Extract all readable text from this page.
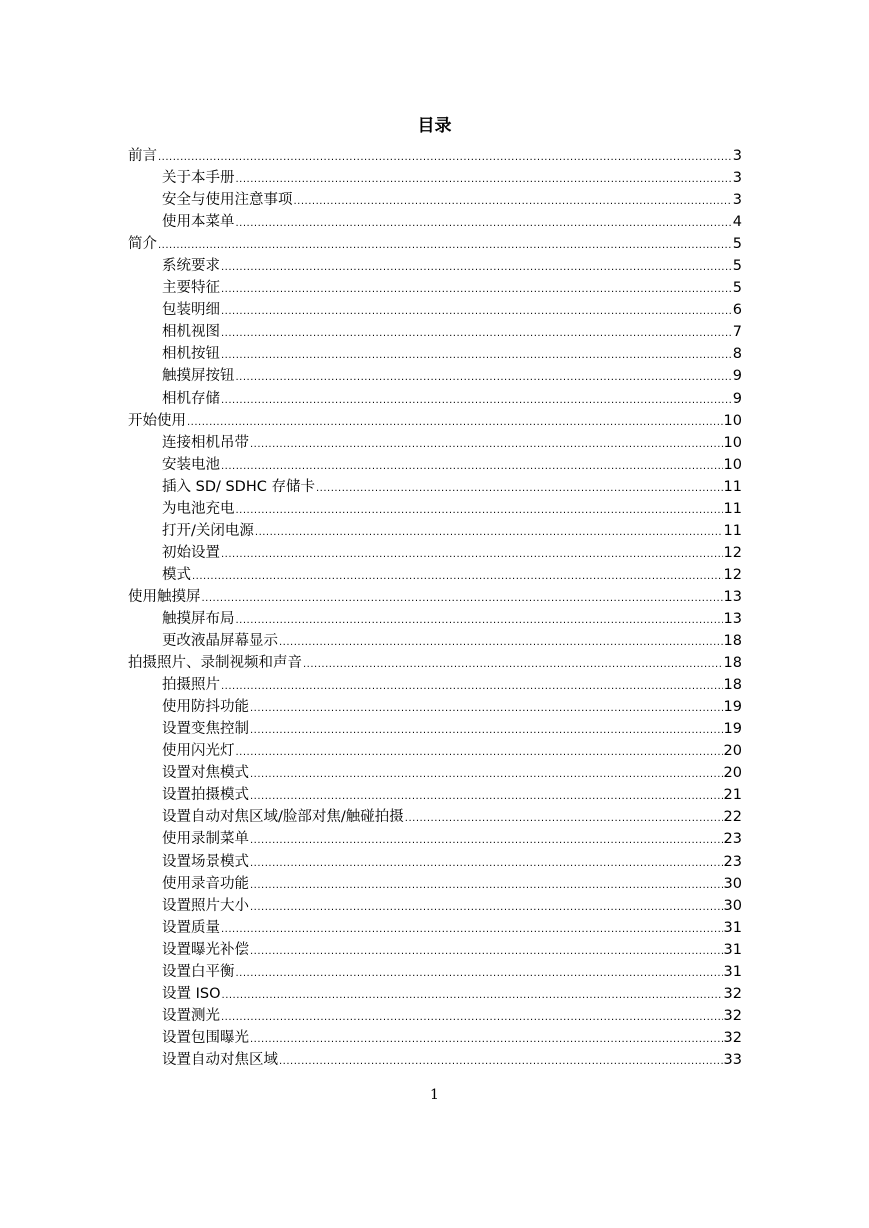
目录
前言 .....	3
关于本手册 .....	3
安全与使用注意事项 .....	3
使用本菜单 .....	4
简介 .....	5
系统要求 .....	5
主要特征 .....	5
包装明细 .....	6
相机视图 .....	7
相机按钮 .....	8
触摸屏按钮 .....	9
相机存储 .....	9
开始使用 .....	10
连接相机吊带 .....	10
安装电池 .....	10
插入 SD/ SDHC 存储卡 .....	11
为电池充电 .....	11
打开/关闭电源 .....	11
初始设置 .....	12
模式 .....	12
使用触摸屏 .....	13
触摸屏布局 .....	13
更改液晶屏幕显示 .....	18
拍摄照片、录制视频和声音 .....	18
拍摄照片 .....	18
使用防抖功能 .....	19
设置变焦控制 .....	19
使用闪光灯 .....	20
设置对焦模式 .....	20
设置拍摄模式 .....	21
设置自动对焦区域/脸部对焦/触碰拍摄 .....	22
使用录制菜单 .....	23
设置场景模式 .....	23
使用录音功能 .....	30
设置照片大小 .....	30
设置质量 .....	31
设置曝光补偿 .....	31
设置白平衡 .....	31
设置 ISO .....	32
设置测光 .....	32
设置包围曝光 .....	32
设置自动对焦区域 .....	33
1
